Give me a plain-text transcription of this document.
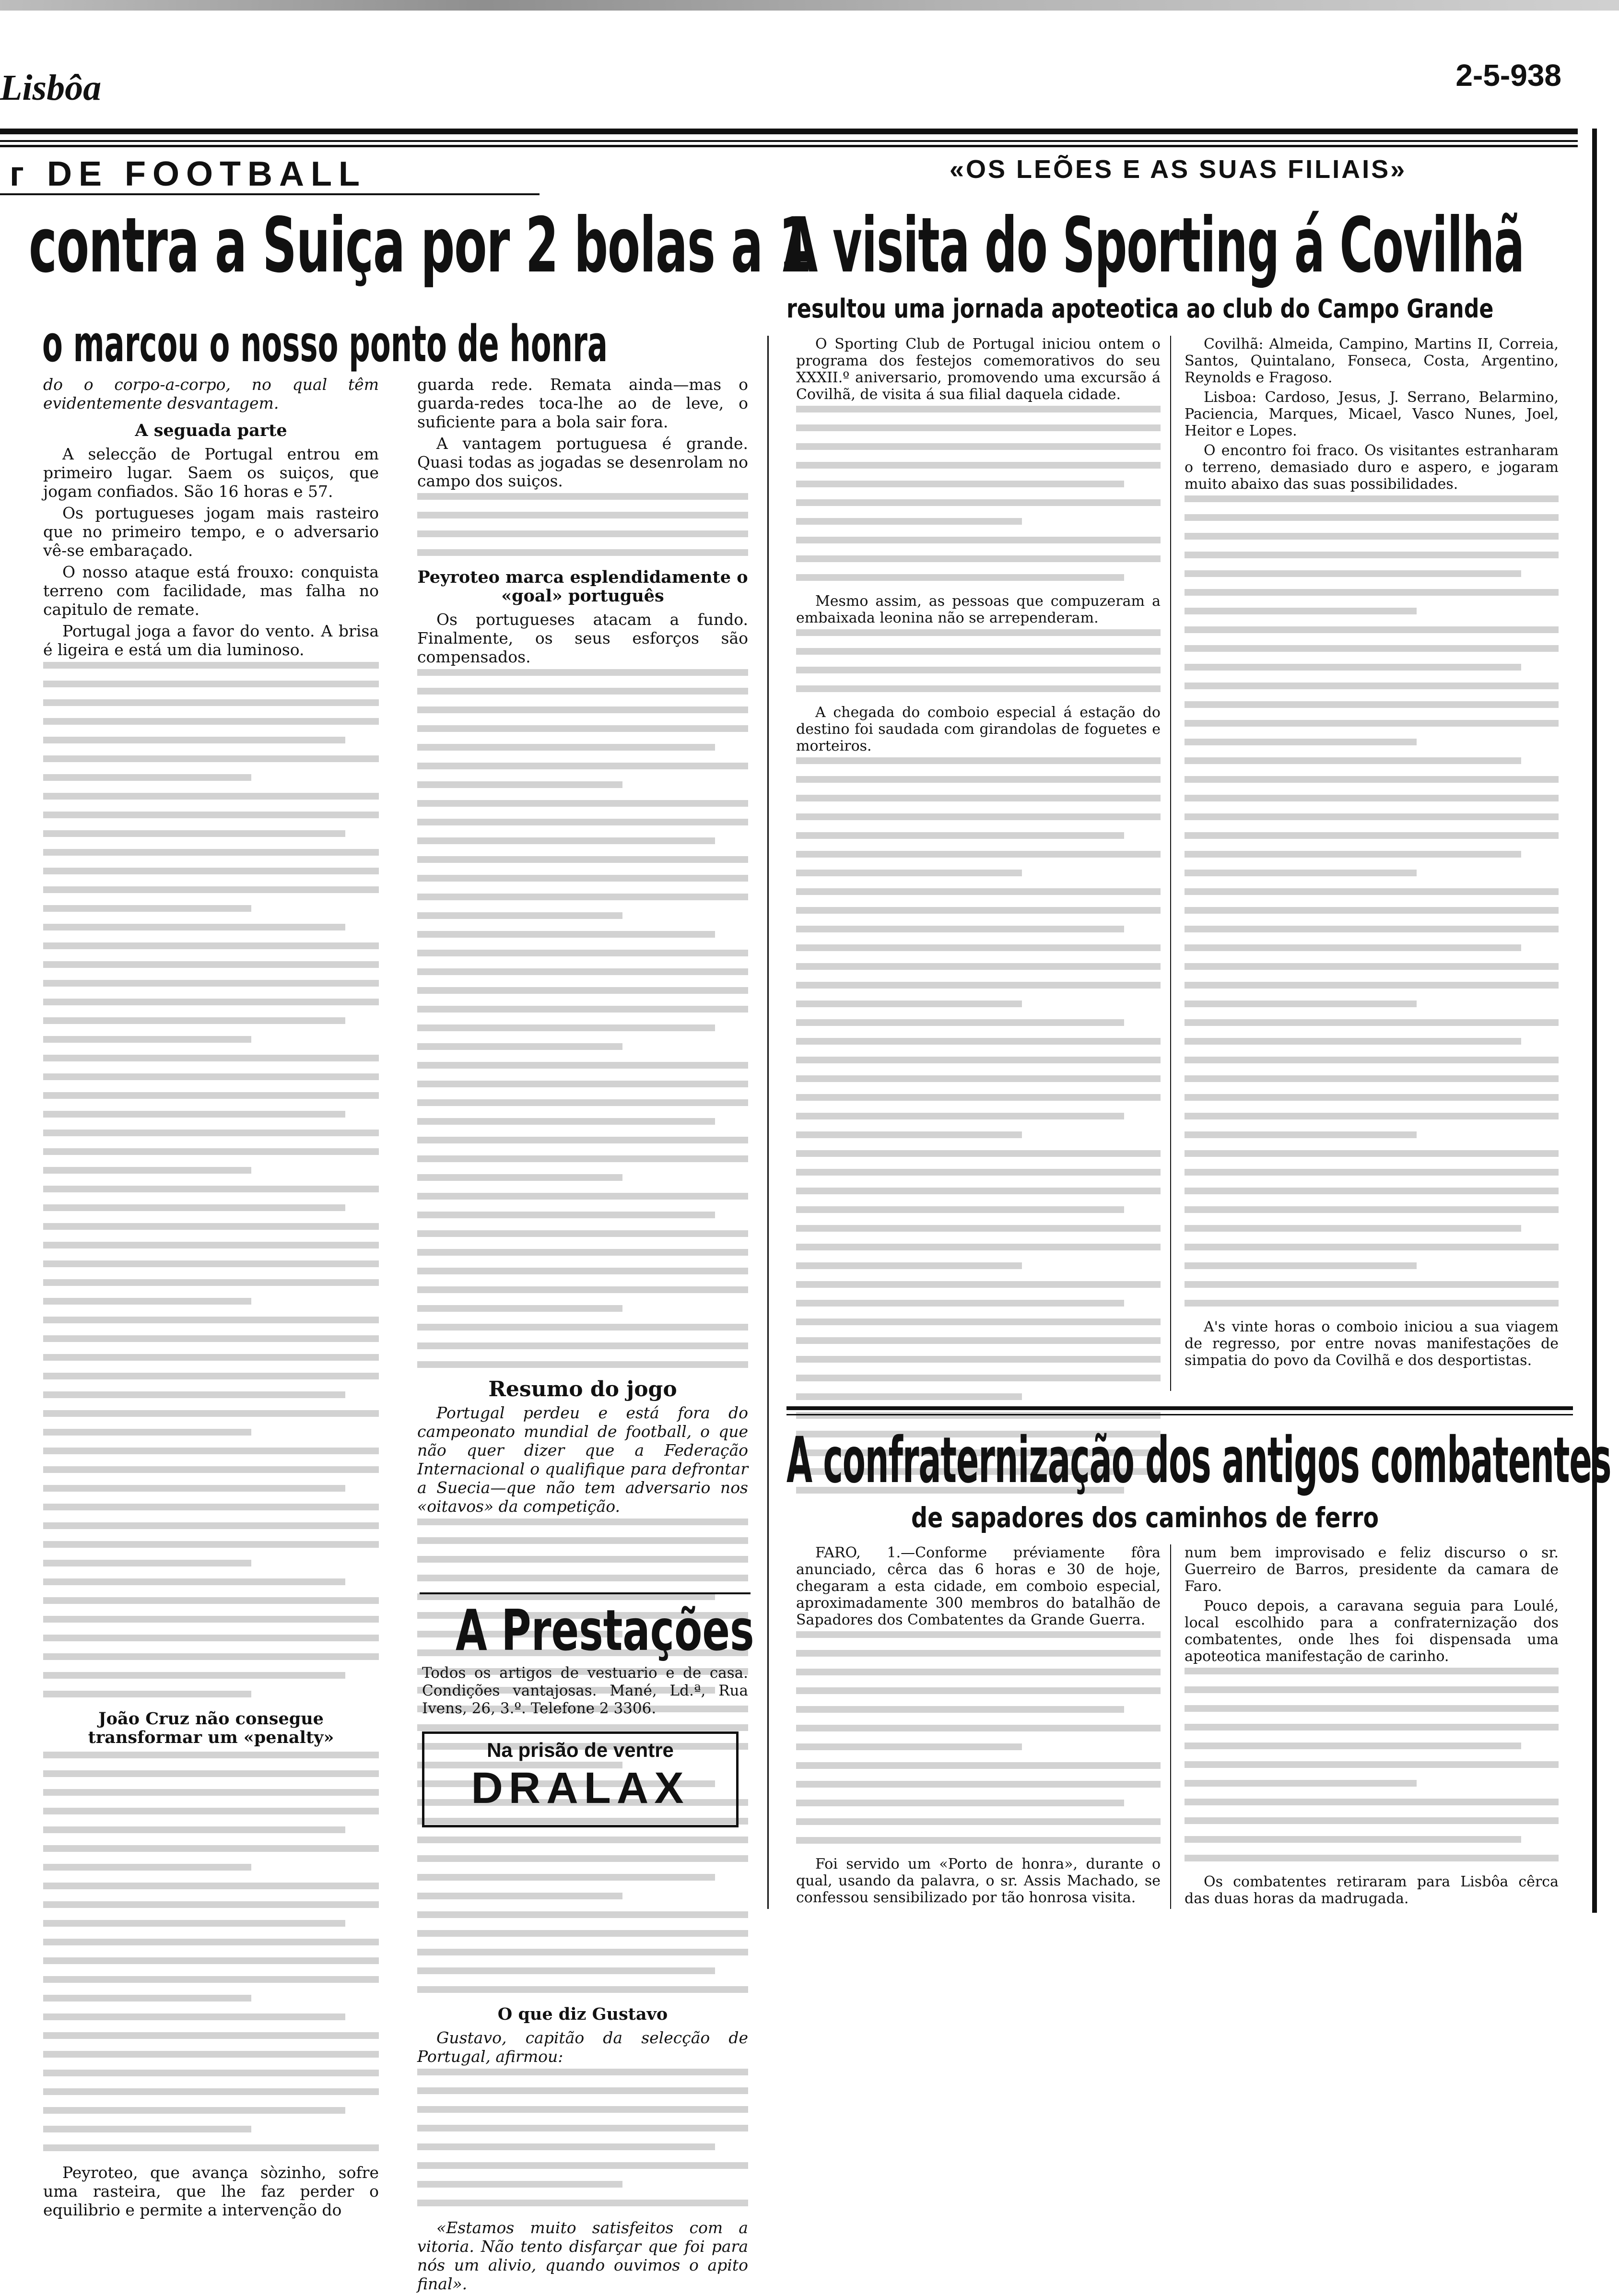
Lisbôa	2-5-938
ᴦ DE FOOTBALL	«OS LEÕES E AS SUAS FILIAIS»
contra a Suiça por 2 bolas a 1
o marcou o nosso ponto de honra

do o corpo-a-corpo, no qual têm evidentemente desvantagem.

A seguada parte

A selecção de Portugal entrou em primeiro lugar. Saem os suiços, que jogam confiados. São 16 horas e 57.

Os portugueses jogam mais rasteiro que no primeiro tempo, e o adversario vê-se embaraçado.

O nosso ataque está frouxo: conquista terreno com facilidade, mas falha no capitulo de remate.

Portugal joga a favor do vento. A brisa é ligeira e está um dia luminoso.

João Cruz não consegue transformar um «penalty»

Peyroteo, que avança sòzinho, sofre uma rasteira, que lhe faz perder o equilibrio e permite a intervenção do

guarda rede. Remata ainda—mas o guarda-redes toca-lhe ao de leve, o suficiente para a bola sair fora.

A vantagem portuguesa é grande. Quasi todas as jogadas se desenrolam no campo dos suiços.

Peyroteo marca esplendidamente o «goal» português

Os portugueses atacam a fundo. Finalmente, os seus esforços são compensados.

Resumo do jogo

Portugal perdeu e está fora do campeonato mundial de football, o que não quer dizer que a Federação Internacional o qualifique para defrontar a Suecia—que não tem adversario nos «oitavos» da competição.

O que diz Gustavo

Gustavo, capitão da selecção de Portugal, afirmou:

«Estamos muito satisfeitos com a vitoria. Não tento disfarçar que foi para nós um alivio, quando ouvimos o apito final».

A Prestações
Todos os artigos de vestuario e de casa. Condições vantajosas. Mané, Ld.ª, Rua Ivens, 26, 3.º. Telefone 2 3306.
Na prisão de ventre
DRALAX
A visita do Sporting á Covilhã
resultou uma jornada apoteotica ao club do Campo Grande

O Sporting Club de Portugal iniciou ontem o programa dos festejos comemorativos do seu XXXII.º aniversario, promovendo uma excursão á Covilhã, de visita á sua filial daquela cidade.

Mesmo assim, as pessoas que compuzeram a embaixada leonina não se arrependeram.

A chegada do comboio especial á estação do destino foi saudada com girandolas de foguetes e morteiros.

Covilhã: Almeida, Campino, Martins II, Correia, Santos, Quintalano, Fonseca, Costa, Argentino, Reynolds e Fragoso.

Lisboa: Cardoso, Jesus, J. Serrano, Belarmino, Paciencia, Marques, Micael, Vasco Nunes, Joel, Heitor e Lopes.

O encontro foi fraco. Os visitantes estranharam o terreno, demasiado duro e aspero, e jogaram muito abaixo das suas possibilidades.

A's vinte horas o comboio iniciou a sua viagem de regresso, por entre novas manifestações de simpatia do povo da Covilhã e dos desportistas.

A confraternização dos antigos combatentes
de sapadores dos caminhos de ferro

FARO, 1.—Conforme préviamente fôra anunciado, cêrca das 6 horas e 30 de hoje, chegaram a esta cidade, em comboio especial, aproximadamente 300 membros do batalhão de Sapadores dos Combatentes da Grande Guerra.

Foi servido um «Porto de honra», durante o qual, usando da palavra, o sr. Assis Machado, se confessou sensibilizado por tão honrosa visita.

num bem improvisado e feliz discurso o sr. Guerreiro de Barros, presidente da camara de Faro.

Pouco depois, a caravana seguia para Loulé, local escolhido para a confraternização dos combatentes, onde lhes foi dispensada uma apoteotica manifestação de carinho.

Os combatentes retiraram para Lisbôa cêrca das duas horas da madrugada.
